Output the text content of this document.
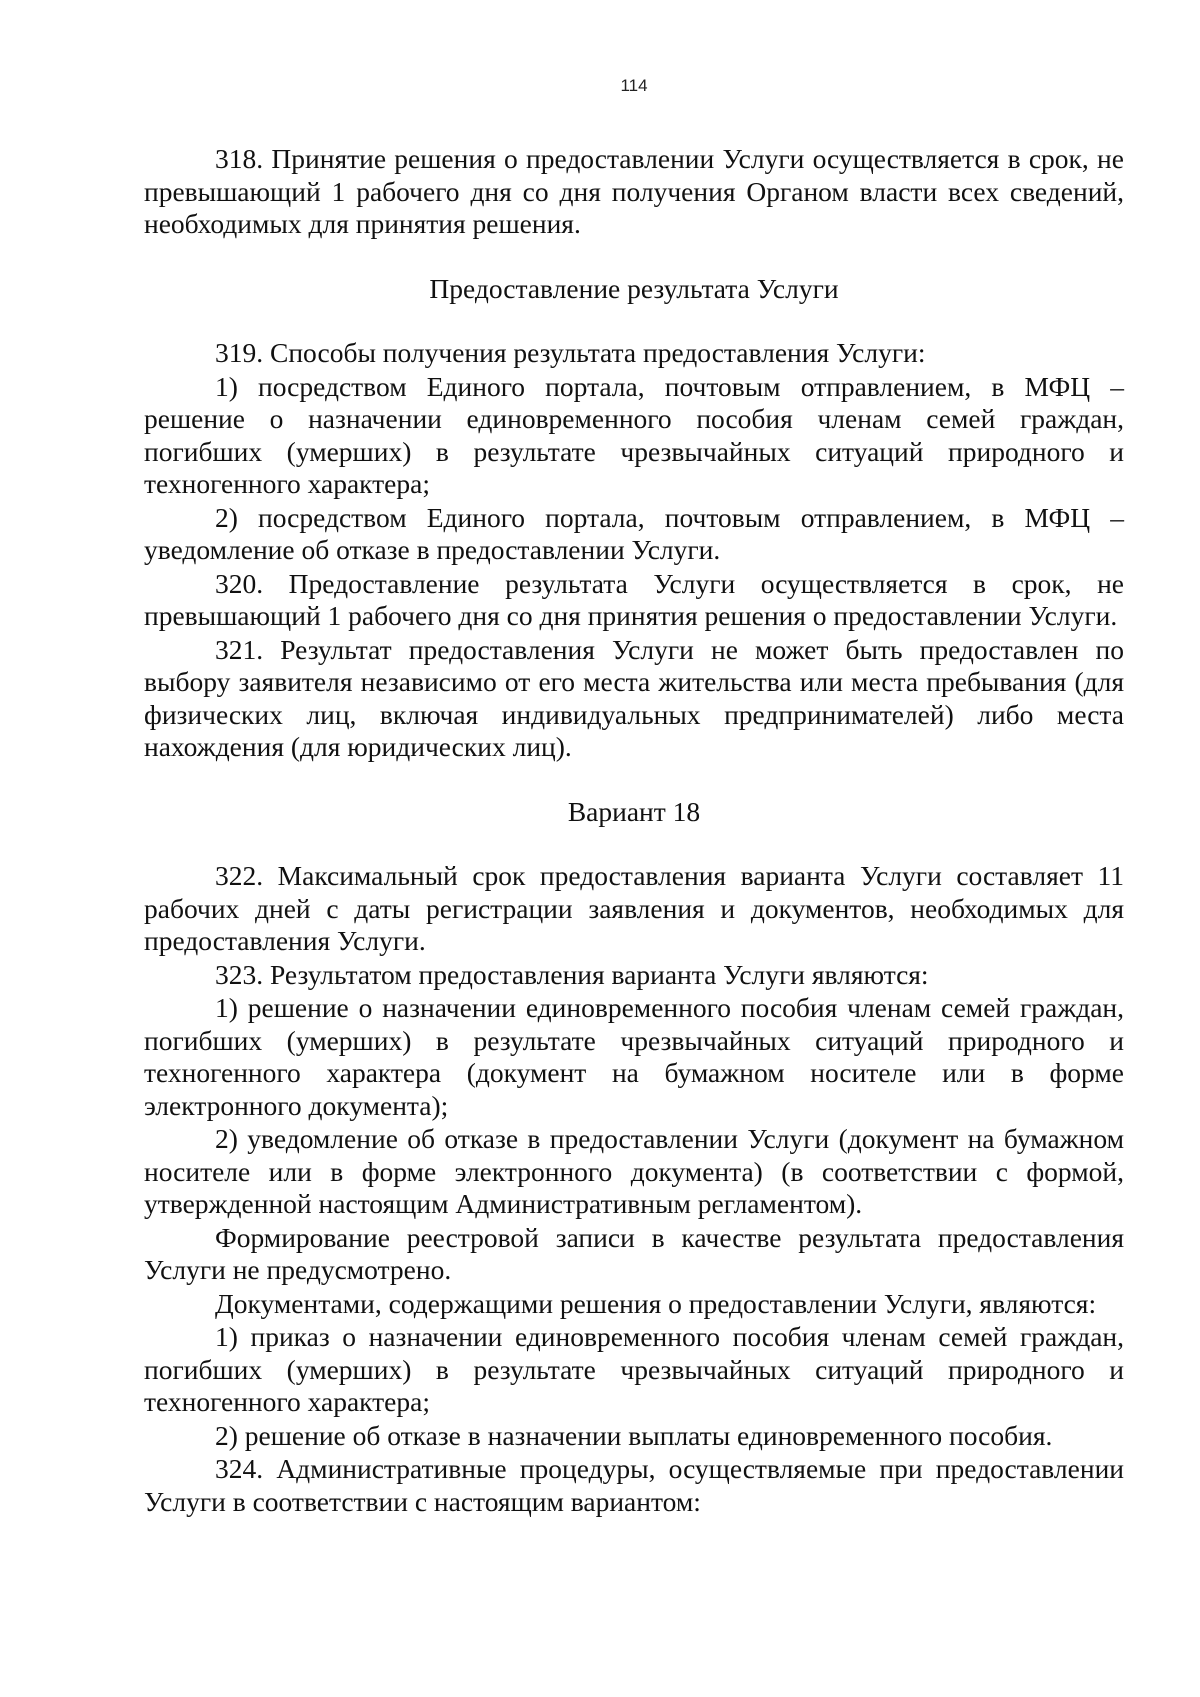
114

318. Принятие решения о предоставлении Услуги осуществляется в срок, не превышающий 1 рабочего дня со дня получения Органом власти всех сведений, необходимых для принятия решения.

Предоставление результата Услуги

319. Способы получения результата предоставления Услуги:

1) посредством Единого портала, почтовым отправлением, в МФЦ – решение о назначении единовременного пособия членам семей граждан, погибших (умерших) в результате чрезвычайных ситуаций природного и техногенного характера;

2) посредством Единого портала, почтовым отправлением, в МФЦ – уведомление об отказе в предоставлении Услуги.

320. Предоставление результата Услуги осуществляется в срок, не превышающий 1 рабочего дня со дня принятия решения о предоставлении Услуги.

321. Результат предоставления Услуги не может быть предоставлен по выбору заявителя независимо от его места жительства или места пребывания (для физических лиц, включая индивидуальных предпринимателей) либо места нахождения (для юридических лиц).

Вариант 18

322. Максимальный срок предоставления варианта Услуги составляет 11 рабочих дней с даты регистрации заявления и документов, необходимых для предоставления Услуги.

323. Результатом предоставления варианта Услуги являются:

1) решение о назначении единовременного пособия членам семей граждан, погибших (умерших) в результате чрезвычайных ситуаций природного и техногенного характера (документ на бумажном носителе или в форме электронного документа);

2) уведомление об отказе в предоставлении Услуги (документ на бумажном носителе или в форме электронного документа) (в соответствии с формой, утвержденной настоящим Административным регламентом).

Формирование реестровой записи в качестве результата предоставления Услуги не предусмотрено.

Документами, содержащими решения о предоставлении Услуги, являются:

1) приказ о назначении единовременного пособия членам семей граждан, погибших (умерших) в результате чрезвычайных ситуаций природного и техногенного характера;

2) решение об отказе в назначении выплаты единовременного пособия.

324. Административные процедуры, осуществляемые при предоставлении Услуги в соответствии с настоящим вариантом:
